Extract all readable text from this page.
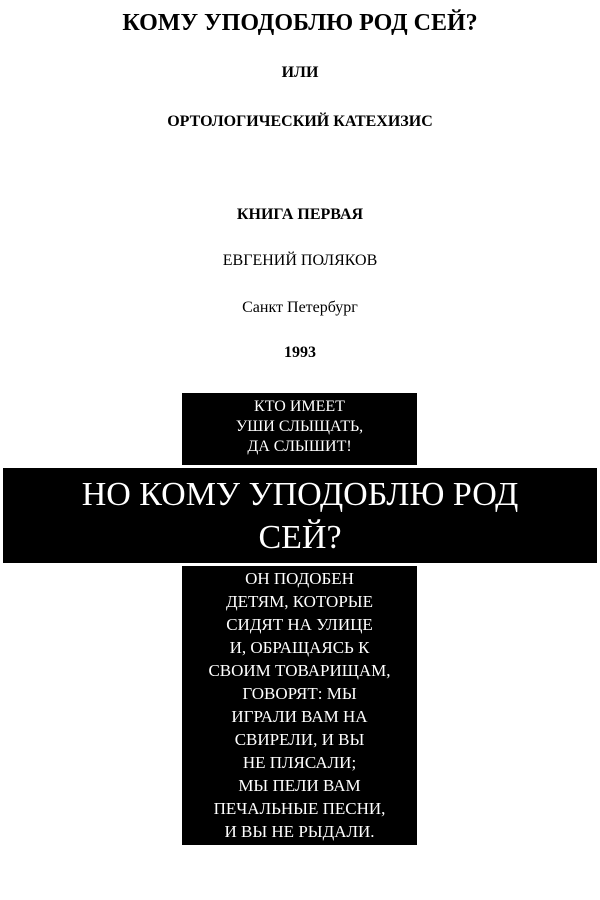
КОМУ УПОДОБЛЮ РОД СЕЙ?
ИЛИ
ОРТОЛОГИЧЕСКИЙ КАТЕХИЗИС
КНИГА ПЕРВАЯ
ЕВГЕНИЙ ПОЛЯКОВ
Санкт Петербург
1993
КТО ИМЕЕТ
УШИ СЛЫЩАТЬ,
ДА СЛЫШИТ!
НО КОМУ УПОДОБЛЮ РОД
СЕЙ?
ОН ПОДОБЕН
ДЕТЯМ, КОТОРЫЕ
СИДЯТ НА УЛИЦЕ
И, ОБРАЩАЯСЬ К
СВОИМ ТОВАРИЩАМ,
ГОВОРЯТ: МЫ
ИГРАЛИ ВАМ НА
СВИРЕЛИ, И ВЫ
НЕ ПЛЯСАЛИ;
МЫ ПЕЛИ ВАМ
ПЕЧАЛЬНЫЕ ПЕСНИ,
И ВЫ НЕ РЫДАЛИ.
